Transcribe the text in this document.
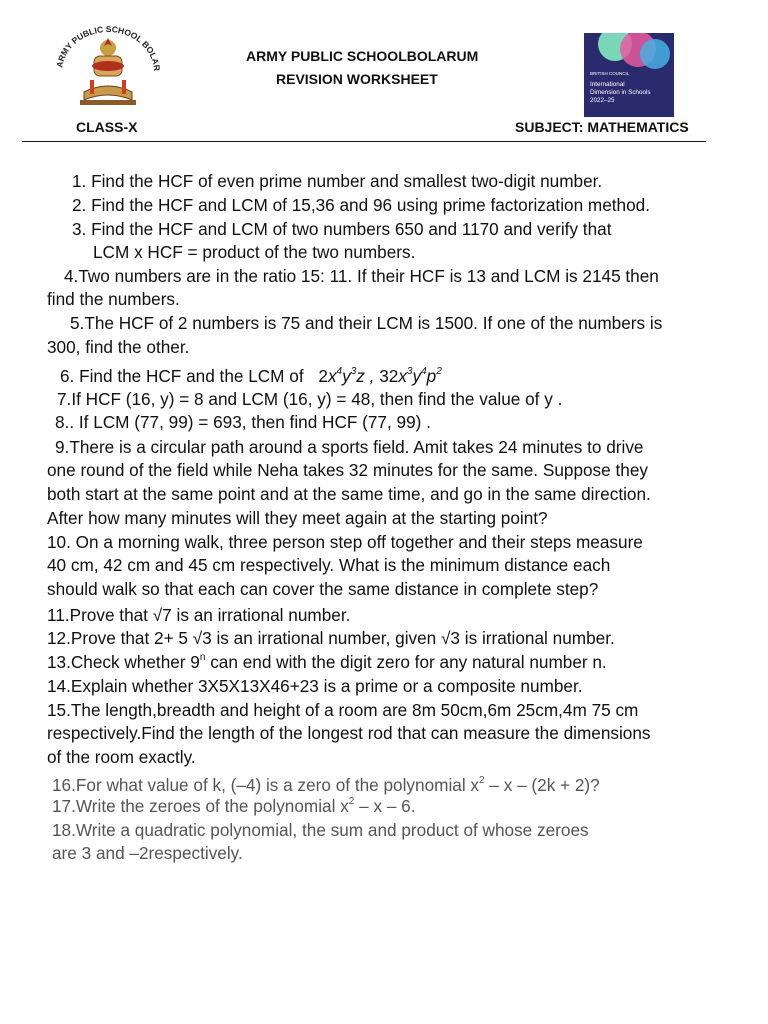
ARMY PUBLIC SCHOOL BOLAR
ARMY PUBLIC SCHOOLBOLARUM
REVISION WORKSHEET	BRITISH COUNCIL
International
Dimension in Schools
2022–25
CLASS-X	SUBJECT: MATHEMATICS
1. Find the HCF of even prime number and smallest two-digit number.
2. Find the HCF and LCM of 15,36 and 96 using prime factorization method.
3. Find the HCF and LCM of two numbers 650 and 1170 and verify that
LCM x HCF = product of the two numbers.
4.Two numbers are in the ratio 15: 11. If their HCF is 13 and LCM is 2145 then
find the numbers.
5.The HCF of 2 numbers is 75 and their LCM is 1500. If one of the numbers is
300, find the other.
6. Find the HCF and the LCM of $2x^4y^3z$ , $32x^3y^4p^2$
7.If HCF (16, y) = 8 and LCM (16, y) = 48, then find the value of y .
8.. If LCM (77, 99) = 693, then find HCF (77, 99) .
9.There is a circular path around a sports field. Amit takes 24 minutes to drive
one round of the field while Neha takes 32 minutes for the same. Suppose they
both start at the same point and at the same time, and go in the same direction.
After how many minutes will they meet again at the starting point?
10. On a morning walk, three person step off together and their steps measure
40 cm, 42 cm and 45 cm respectively. What is the minimum distance each
should walk so that each can cover the same distance in complete step?
11.Prove that √7 is an irrational number.
12.Prove that 2+ 5 √3 is an irrational number, given √3 is irrational number.
13.Check whether 9$^n$ can end with the digit zero for any natural number n.
14.Explain whether 3X5X13X46+23 is a prime or a composite number.
15.The length,breadth and height of a room are 8m 50cm,6m 25cm,4m 75 cm
respectively.Find the length of the longest rod that can measure the dimensions
of the room exactly.
16.For what value of k, (–4) is a zero of the polynomial $x^2 - x - (2k + 2)$?
17.Write the zeroes of the polynomial $x^2$ – x – 6.
18.Write a quadratic polynomial, the sum and product of whose zeroes
are 3 and –2respectively.
